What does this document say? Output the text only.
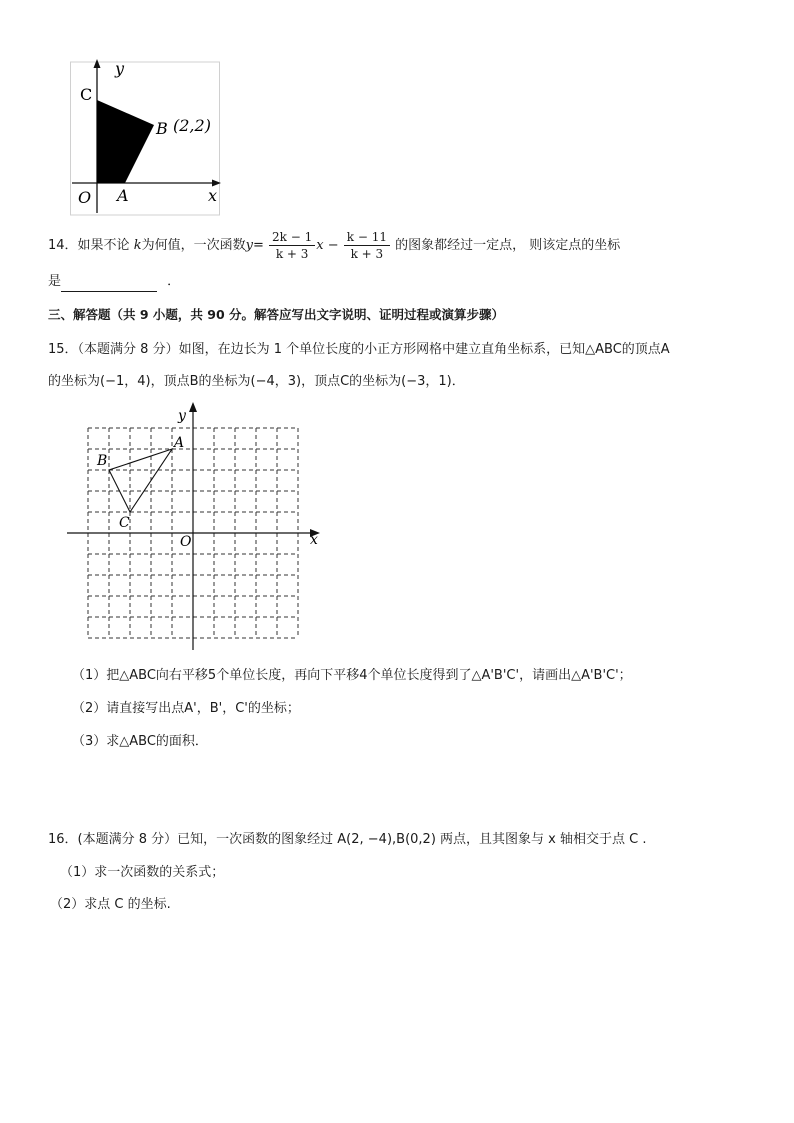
y
C
B (2,2)
O A	x
14．如果不论 k为何值，一次函数$y= \frac{2k - 1}{k + 3}$ $x - \frac{k - 11}{k + 3}$ 的图象都经过一定点， 则该定点的坐标
是	．
三、解答题（共 9 小题，共 90 分。解答应写出文字说明、证明过程或演算步骤）
15．（本题满分 8 分）如图，在边长为 1 个单位长度的小正方形网格中建立直角坐标系，已知△ABC的顶点A
的坐标为(−1，4)，顶点B的坐标为(−4，3)，顶点C的坐标为(−3，1)．
y
x
O
A
B
C
（1）把△ABC向右平移5个单位长度，再向下平移4个单位长度得到了△A'B'C'，请画出△A'B'C'；
（2）请直接写出点A'，B'，C'的坐标；
（3）求△ABC的面积．
16．(本题满分 8 分）已知，一次函数的图象经过 A(2, −4),B(0,2) 两点，且其图象与 x 轴相交于点 C .
（1）求一次函数的关系式；
（2）求点 C 的坐标.
